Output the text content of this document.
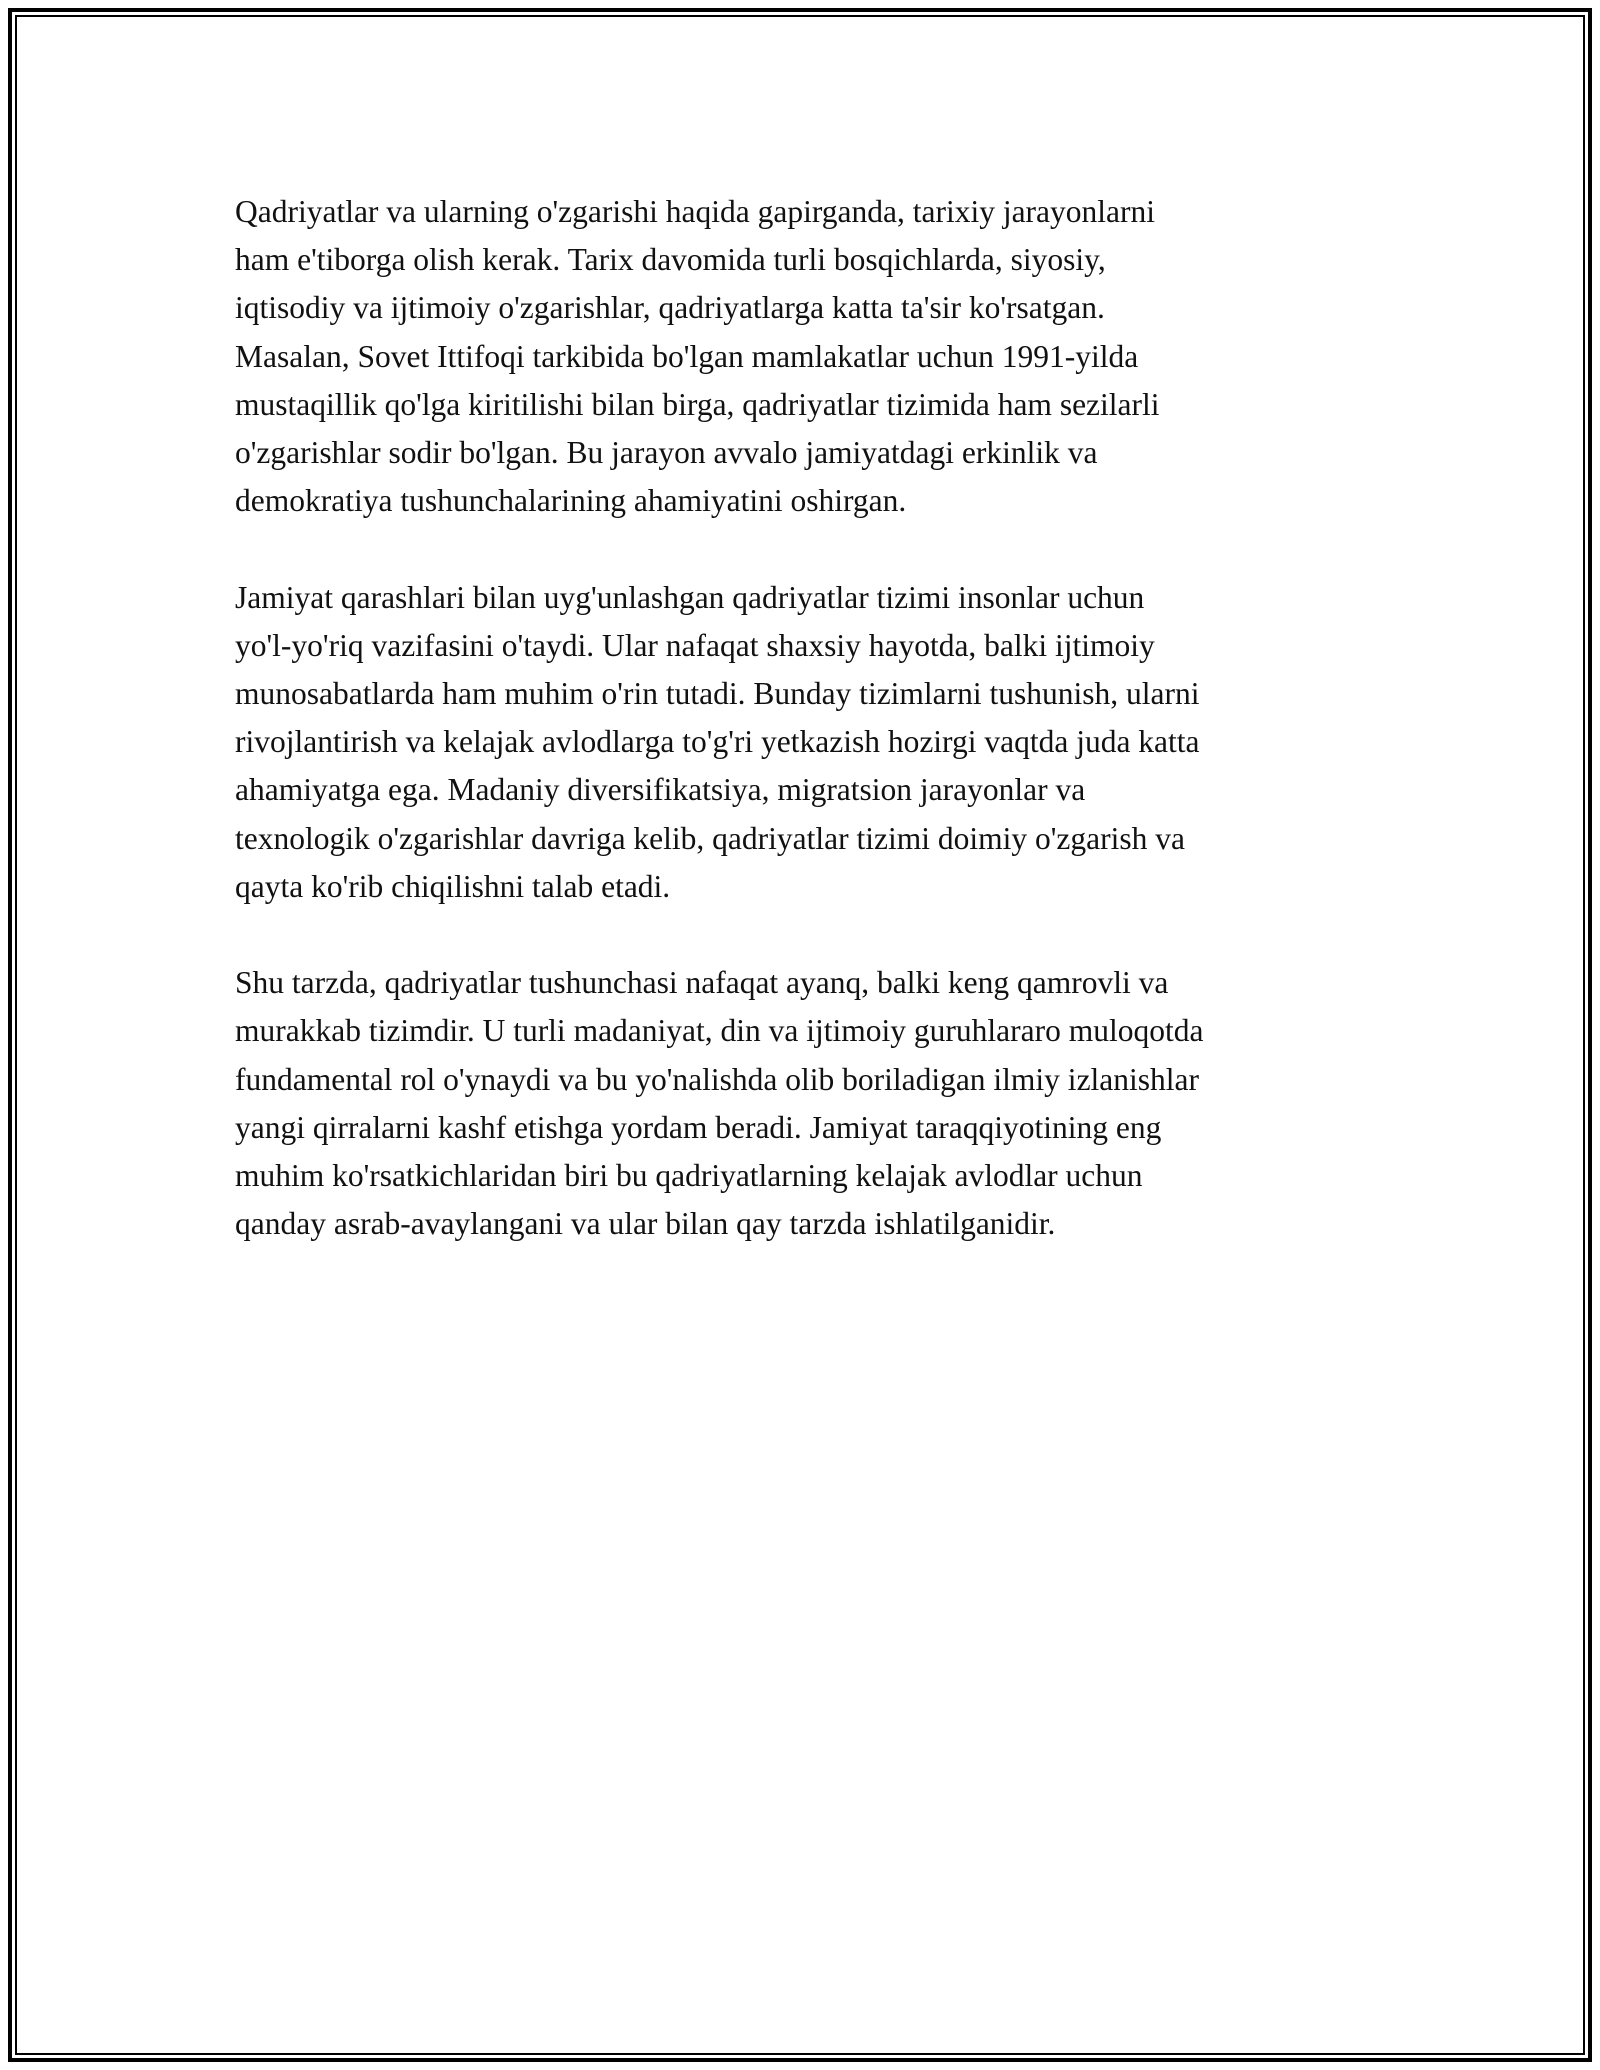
Qadriyatlar va ularning o'zgarishi haqida gapirganda, tarixiy jarayonlarni
ham e'tiborga olish kerak. Tarix davomida turli bosqichlarda, siyosiy,
iqtisodiy va ijtimoiy o'zgarishlar, qadriyatlarga katta ta'sir ko'rsatgan.
Masalan, Sovet Ittifoqi tarkibida bo'lgan mamlakatlar uchun 1991-yilda
mustaqillik qo'lga kiritilishi bilan birga, qadriyatlar tizimida ham sezilarli
o'zgarishlar sodir bo'lgan. Bu jarayon avvalo jamiyatdagi erkinlik va
demokratiya tushunchalarining ahamiyatini oshirgan.

Jamiyat qarashlari bilan uyg'unlashgan qadriyatlar tizimi insonlar uchun
yo'l-yo'riq vazifasini o'taydi. Ular nafaqat shaxsiy hayotda, balki ijtimoiy
munosabatlarda ham muhim o'rin tutadi. Bunday tizimlarni tushunish, ularni
rivojlantirish va kelajak avlodlarga to'g'ri yetkazish hozirgi vaqtda juda katta
ahamiyatga ega. Madaniy diversifikatsiya, migratsion jarayonlar va
texnologik o'zgarishlar davriga kelib, qadriyatlar tizimi doimiy o'zgarish va
qayta ko'rib chiqilishni talab etadi.

Shu tarzda, qadriyatlar tushunchasi nafaqat ayanq, balki keng qamrovli va
murakkab tizimdir. U turli madaniyat, din va ijtimoiy guruhlararo muloqotda
fundamental rol o'ynaydi va bu yo'nalishda olib boriladigan ilmiy izlanishlar
yangi qirralarni kashf etishga yordam beradi. Jamiyat taraqqiyotining eng
muhim ko'rsatkichlaridan biri bu qadriyatlarning kelajak avlodlar uchun
qanday asrab-avaylangani va ular bilan qay tarzda ishlatilganidir.
